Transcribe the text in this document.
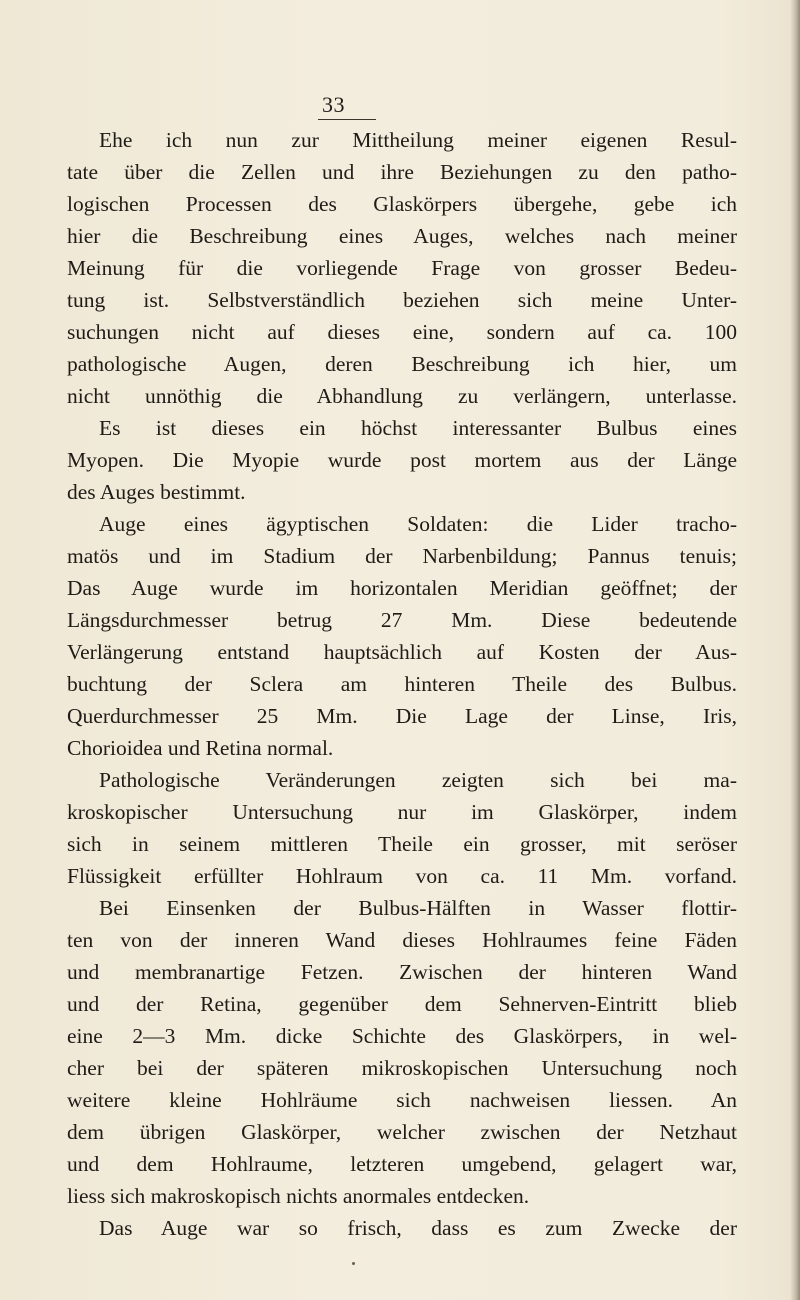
33
Ehe ich nun zur Mittheilung meiner eigenen Resul-
tate über die Zellen und ihre Beziehungen zu den patho-
logischen Processen des Glaskörpers übergehe, gebe ich
hier die Beschreibung eines Auges, welches nach meiner
Meinung für die vorliegende Frage von grosser Bedeu-
tung ist. Selbstverständlich beziehen sich meine Unter-
suchungen nicht auf dieses eine, sondern auf ca. 100
pathologische Augen, deren Beschreibung ich hier, um
nicht unnöthig die Abhandlung zu verlängern, unterlasse.
Es ist dieses ein höchst interessanter Bulbus eines
Myopen. Die Myopie wurde post mortem aus der Länge
des Auges bestimmt.
Auge eines ägyptischen Soldaten: die Lider tracho-
matös und im Stadium der Narbenbildung; Pannus tenuis;
Das Auge wurde im horizontalen Meridian geöffnet; der
Längsdurchmesser betrug 27 Mm. Diese bedeutende
Verlängerung entstand hauptsächlich auf Kosten der Aus-
buchtung der Sclera am hinteren Theile des Bulbus.
Querdurchmesser 25 Mm. Die Lage der Linse, Iris,
Chorioidea und Retina normal.
Pathologische Veränderungen zeigten sich bei ma-
kroskopischer Untersuchung nur im Glaskörper, indem
sich in seinem mittleren Theile ein grosser, mit seröser
Flüssigkeit erfüllter Hohlraum von ca. 11 Mm. vorfand.
Bei Einsenken der Bulbus-Hälften in Wasser flottir-
ten von der inneren Wand dieses Hohlraumes feine Fäden
und membranartige Fetzen. Zwischen der hinteren Wand
und der Retina, gegenüber dem Sehnerven-Eintritt blieb
eine 2—3 Mm. dicke Schichte des Glaskörpers, in wel-
cher bei der späteren mikroskopischen Untersuchung noch
weitere kleine Hohlräume sich nachweisen liessen. An
dem übrigen Glaskörper, welcher zwischen der Netzhaut
und dem Hohlraume, letzteren umgebend, gelagert war,
liess sich makroskopisch nichts anormales entdecken.
Das Auge war so frisch, dass es zum Zwecke der
